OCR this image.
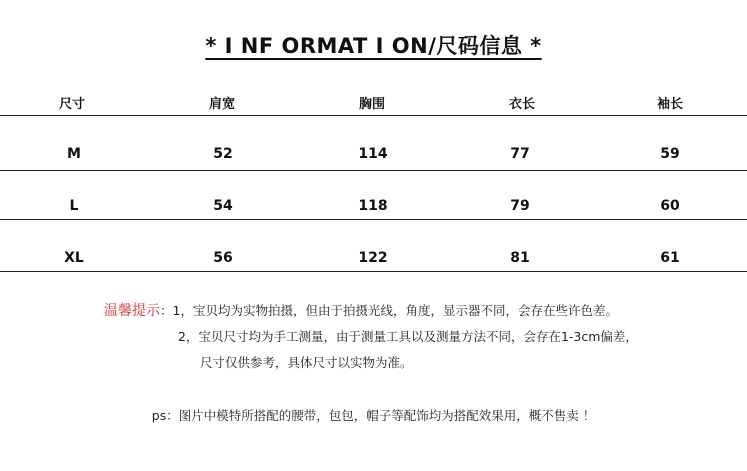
* I NF ORMAT I ON/尺码信息 *
尺寸	肩宽	胸围	衣长	袖长
M	52	114	77	59
L	54	118	79	60
XL	56	122	81	61
温馨提示：1，宝贝均为实物拍摄，但由于拍摄光线，角度，显示器不同，会存在些许色差。
2，宝贝尺寸均为手工测量，由于测量工具以及测量方法不同，会存在1-3cm偏差，
尺寸仅供参考，具体尺寸以实物为准。
ps：图片中模特所搭配的腰带，包包，帽子等配饰均为搭配效果用，概不售卖 ！
